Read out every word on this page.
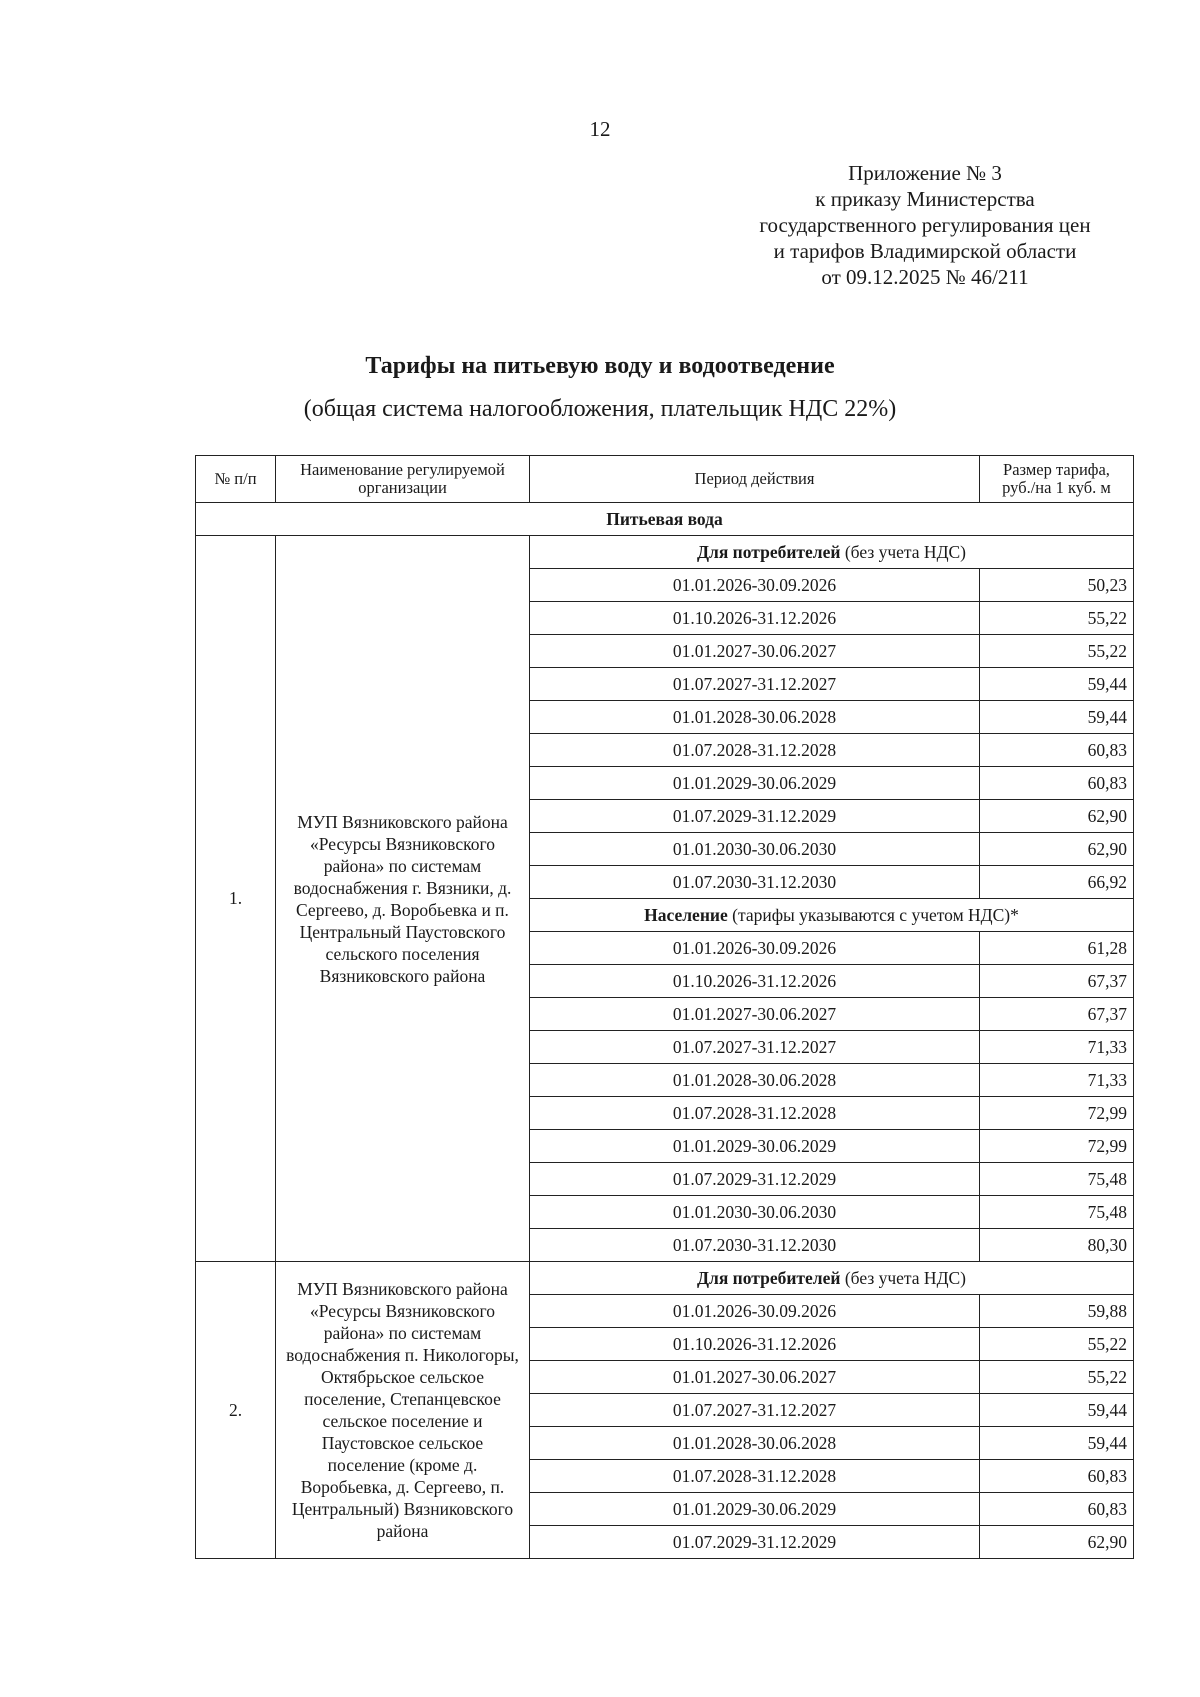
12
Приложение № 3
к приказу Министерства
государственного регулирования цен
и тарифов Владимирской области
от 09.12.2025 № 46/211
Тарифы на питьевую воду и водоотведение
(общая система налогообложения, плательщик НДС 22%)
№ п/п	Наименование регулируемой организации	Период действия	Размер тарифа, руб./на 1 куб. м
Питьевая вода			
1.	МУП Вязниковского района «Ресурсы Вязниковского района» по системам водоснабжения г. Вязники, д. Сергеево, д. Воробьевка и п. Центральный Паустовского сельского поселения Вязниковского района	Для потребителей (без учета НДС)	
		01.01.2026-30.09.2026	50,23
		01.10.2026-31.12.2026	55,22
		01.01.2027-30.06.2027	55,22
		01.07.2027-31.12.2027	59,44
		01.01.2028-30.06.2028	59,44
		01.07.2028-31.12.2028	60,83
		01.01.2029-30.06.2029	60,83
		01.07.2029-31.12.2029	62,90
		01.01.2030-30.06.2030	62,90
		01.07.2030-31.12.2030	66,92
		Население (тарифы указываются с учетом НДС)*	
		01.01.2026-30.09.2026	61,28
		01.10.2026-31.12.2026	67,37
		01.01.2027-30.06.2027	67,37
		01.07.2027-31.12.2027	71,33
		01.01.2028-30.06.2028	71,33
		01.07.2028-31.12.2028	72,99
		01.01.2029-30.06.2029	72,99
		01.07.2029-31.12.2029	75,48
		01.01.2030-30.06.2030	75,48
		01.07.2030-31.12.2030	80,30
2.	МУП Вязниковского района «Ресурсы Вязниковского района» по системам водоснабжения п. Никологоры, Октябрьское сельское поселение, Степанцевское сельское поселение и Паустовское сельское поселение (кроме д. Воробьевка, д. Сергеево, п. Центральный) Вязниковского района	Для потребителей (без учета НДС)	
		01.01.2026-30.09.2026	59,88
		01.10.2026-31.12.2026	55,22
		01.01.2027-30.06.2027	55,22
		01.07.2027-31.12.2027	59,44
		01.01.2028-30.06.2028	59,44
		01.07.2028-31.12.2028	60,83
		01.01.2029-30.06.2029	60,83
		01.07.2029-31.12.2029	62,90
